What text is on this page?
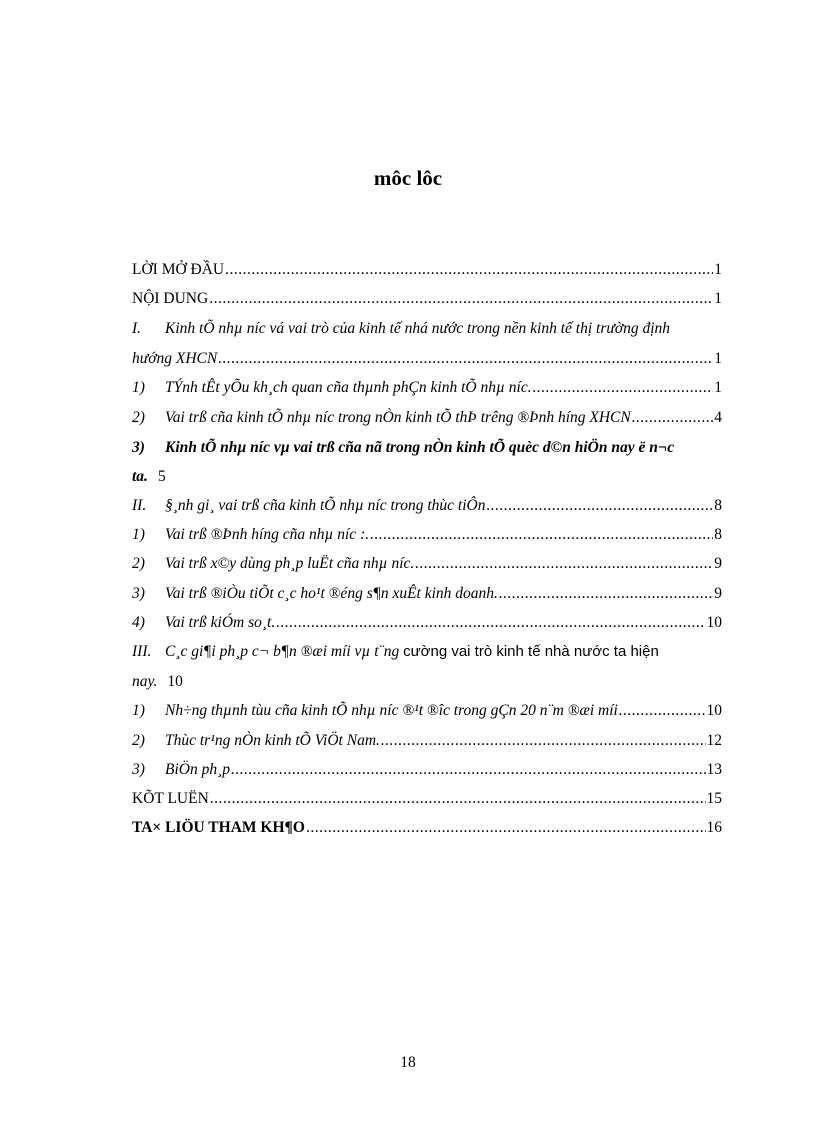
môc lôc
LỜI MỞ ĐẦU .....	1
NỘI DUNG .....	1
I. Kinh tÕ nhµ níc vá vai trò của kinh tế nhá nước trong nền kinh tế thị trường định
hướng XHCN .....	1
1)	TÝnh tÊt yÕu kh¸ch quan cña thµnh phÇn kinh tÕ nhµ níc. .....	1
2)	Vai trß cña kinh tÕ nhµ níc trong nÒn kinh tÕ thÞ trêng ®Þnh híng XHCN .....	4
3) Kinh tÕ nhµ níc vµ vai trß cña nã trong nÒn kinh tÕ quèc d©n hiÖn nay ë n¬c
ta. 5
II.	§¸nh gi¸ vai trß cña kinh tÕ nhµ níc trong thùc tiÔn .....	8
1)	Vai trß ®Þnh híng cña nhµ níc :. .....	8
2)	Vai trß x©y dùng ph¸p luËt cña nhµ níc. .....	9
3)	Vai trß ®iÒu tiÕt c¸c ho¹t ®éng s¶n xuÊt kinh doanh. .....	9
4)	Vai trß kiÓm so¸t. .....	10
III. C¸c gi¶i ph¸p c¬ b¶n ®æi míi vµ t¨ng cường vai trò kinh tế nhà nước ta hiện
nay. 10
1)	Nh÷ng thµnh tùu cña kinh tÕ nhµ níc ®¹t ®îc trong gÇn 20 n¨m ®æi míi .....	10
2)	Thùc tr¹ng nÒn kinh tÕ ViÖt Nam. .....	12
3)	BiÖn ph¸p .....	13
KÕT LUËN .....	15
TA× LIÖU THAM KH¶O .....	16
18
